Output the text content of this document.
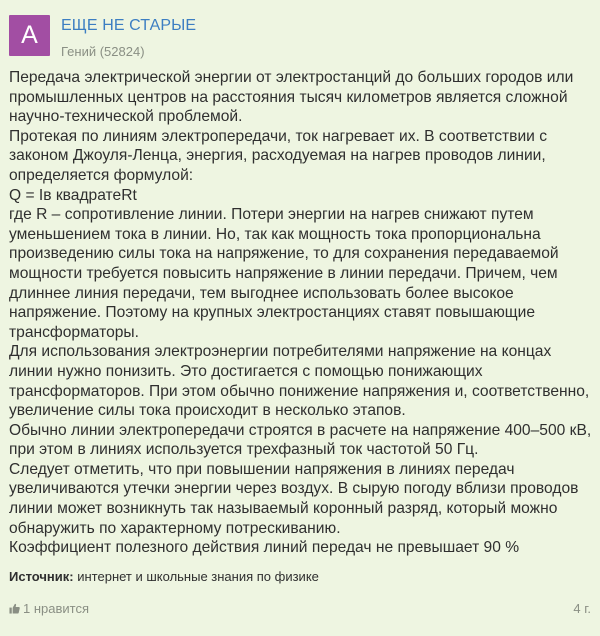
A	ЕЩЕ НЕ СТАРЫЕ
Гений (52824)

Передача электрической энергии от электростанций до больших городов или промышленных центров на расстояния тысяч километров является сложной научно-технической проблемой.

Протекая по линиям электропередачи, ток нагревает их. В соответствии с законом Джоуля-Ленца, энергия, расходуемая на нагрев проводов линии, определяется формулой:

Q = Iв квадратеRt

где R – сопротивление линии. Потери энергии на нагрев снижают путем уменьшением тока в линии. Но, так как мощность тока пропорциональна произведению силы тока на напряжение, то для сохранения передаваемой мощности требуется повысить напряжение в линии передачи. Причем, чем длиннее линия передачи, тем выгоднее использовать более высокое напряжение. Поэтому на крупных электростанциях ставят повышающие трансформаторы.

Для использования электроэнергии потребителями напряжение на концах линии нужно понизить. Это достигается с помощью понижающих трансформаторов. При этом обычно понижение напряжения и, соответственно, увеличение силы тока происходит в несколько этапов.

Обычно линии электропередачи строятся в расчете на напряжение 400–500 кВ, при этом в линиях используется трехфазный ток частотой 50 Гц.

Следует отметить, что при повышении напряжения в линиях передач увеличиваются утечки энергии через воздух. В сырую погоду вблизи проводов линии может возникнуть так называемый коронный разряд, который можно обнаружить по характерному потрескиванию.

Коэффициент полезного действия линий передач не превышает 90 %

Источник: интернет и школьные знания по физике
1 нравится	4 г.
